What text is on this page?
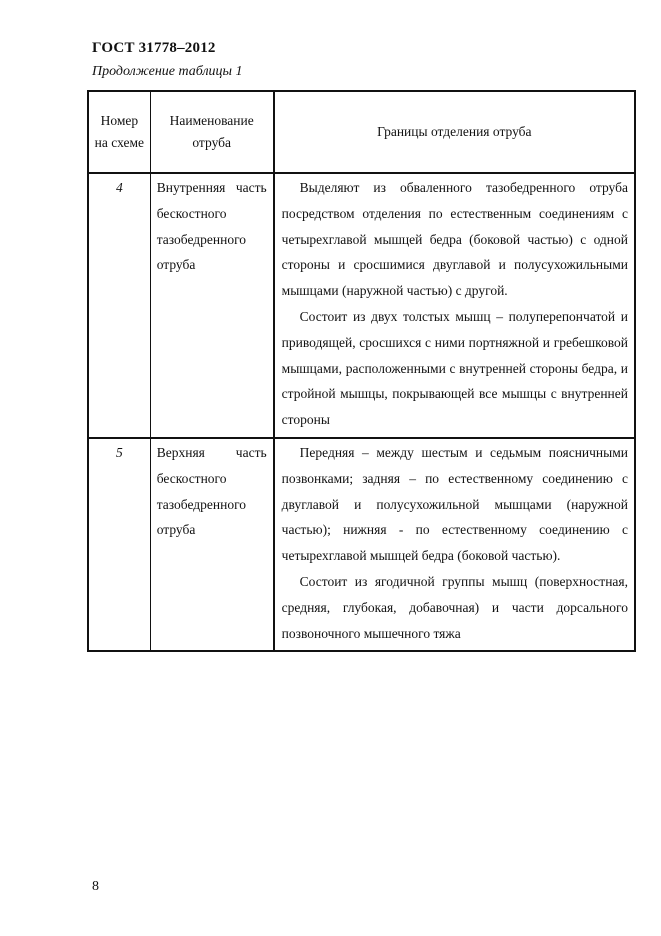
ГОСТ 31778–2012
Продолжение таблицы 1
Номер на схеме	Наименование отруба	Границы отделения отруба
4	Внутренняя часть бескостного тазобедренного отруба	Выделяют из обваленного тазобедренного отруба посредством отделения по естественным соединениям с четырехглавой мышцей бедра (боковой частью) с одной стороны и сросшимися двуглавой и полусухожильными мышцами (наружной частью) с другой.

Состоит из двух толстых мышц – полуперепончатой и приводящей, сросшихся с ними портняжной и гребешковой мышцами, расположенными с внутренней стороны бедра, и стройной мышцы, покрывающей все мышцы с внутренней стороны

5	Верхняя часть бескостного тазобедренного отруба	Передняя – между шестым и седьмым поясничными позвонками; задняя – по естественному соединению с двуглавой и полусухожильной мышцами (наружной частью); нижняя - по естественному соединению с четырехглавой мышцей бедра (боковой частью).

Состоит из ягодичной группы мышц (поверхностная, средняя, глубокая, добавочная) и части дорсального позвоночного мышечного тяжа

8
